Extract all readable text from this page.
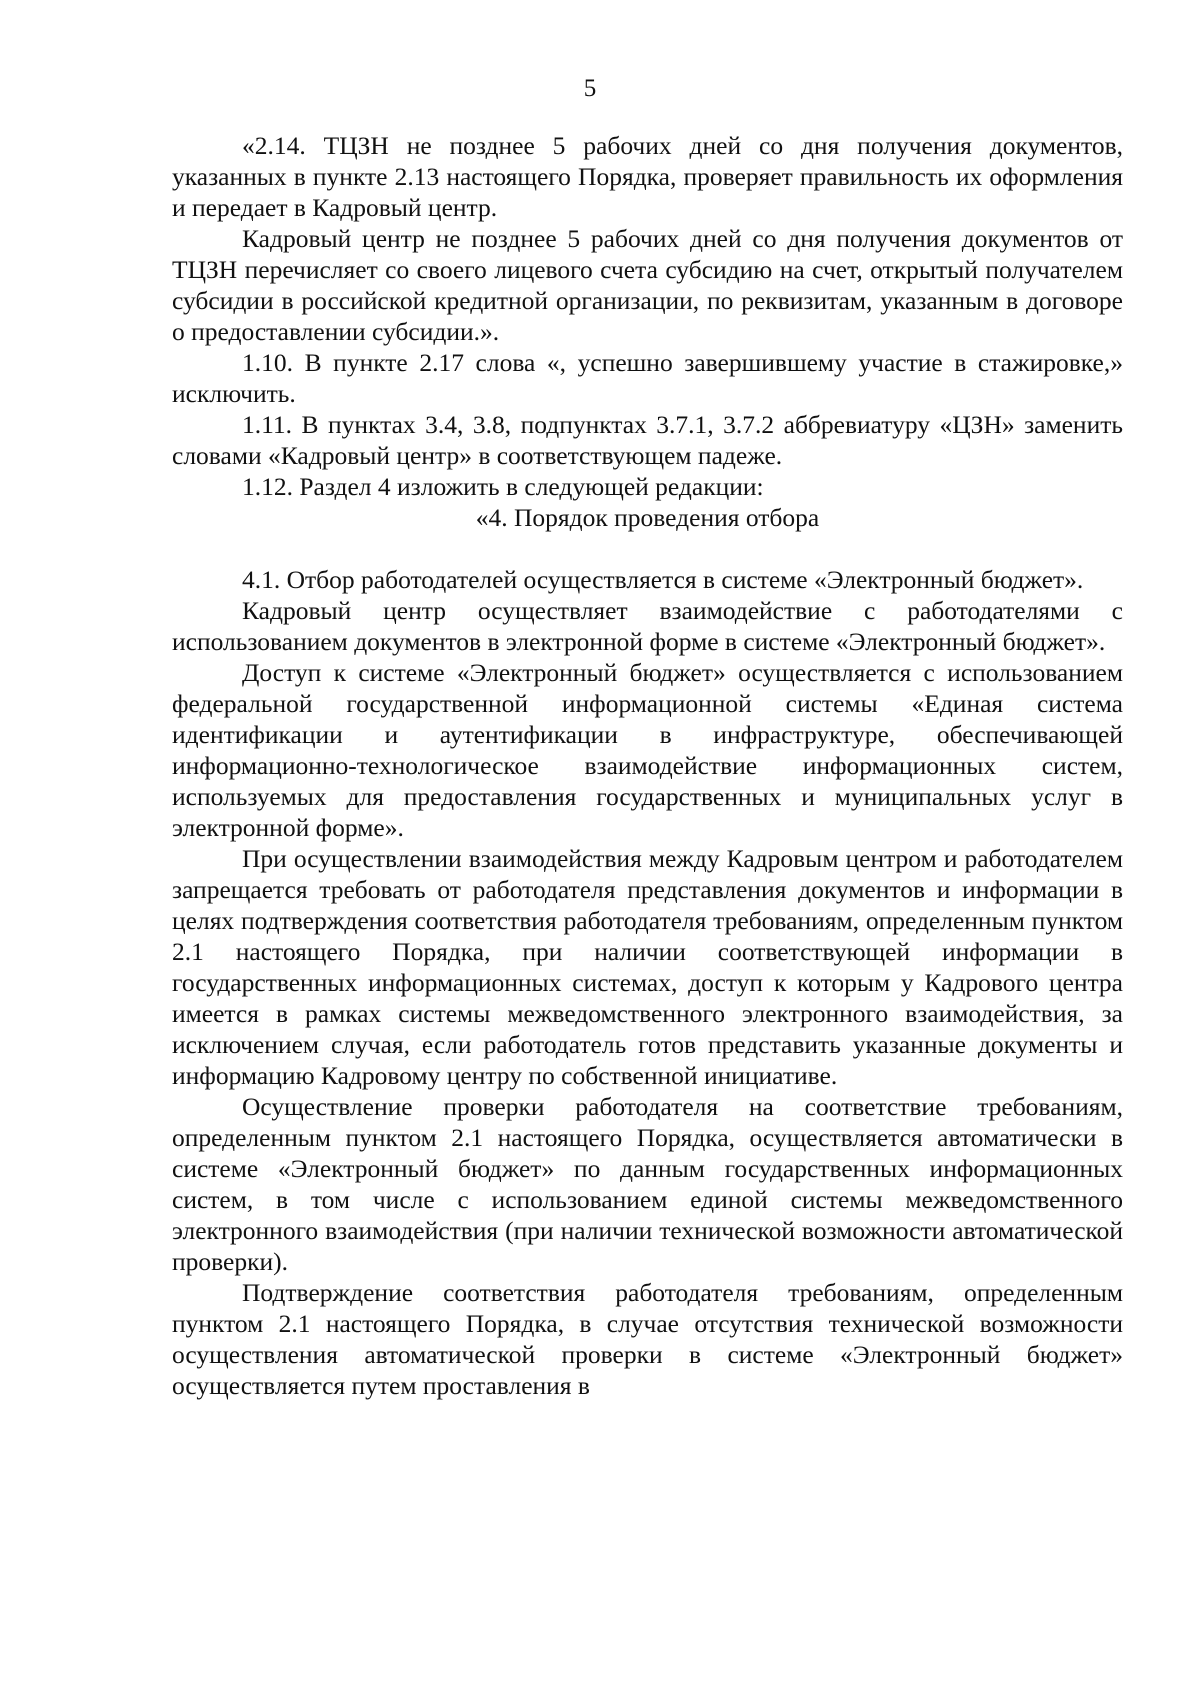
5

«2.14. ТЦЗН не позднее 5 рабочих дней со дня получения документов, указанных в пункте 2.13 настоящего Порядка, проверяет правильность их оформления и передает в Кадровый центр.

Кадровый центр не позднее 5 рабочих дней со дня получения документов от ТЦЗН перечисляет со своего лицевого счета субсидию на счет, открытый получателем субсидии в российской кредитной организации, по реквизитам, указанным в договоре о предоставлении субсидии.».

1.10. В пункте 2.17 слова «, успешно завершившему участие в стажировке,» исключить.

1.11. В пунктах 3.4, 3.8, подпунктах 3.7.1, 3.7.2 аббревиатуру «ЦЗН» заменить словами «Кадровый центр» в соответствующем падеже.

1.12. Раздел 4 изложить в следующей редакции:

«4. Порядок проведения отбора

4.1. Отбор работодателей осуществляется в системе «Электронный бюджет».

Кадровый центр осуществляет взаимодействие с работодателями с использованием документов в электронной форме в системе «Электронный бюджет».

Доступ к системе «Электронный бюджет» осуществляется с использованием федеральной государственной информационной системы «Единая система идентификации и аутентификации в инфраструктуре, обеспечивающей информационно-технологическое взаимодействие информационных систем, используемых для предоставления государственных и муниципальных услуг в электронной форме».

При осуществлении взаимодействия между Кадровым центром и работодателем запрещается требовать от работодателя представления документов и информации в целях подтверждения соответствия работодателя требованиям, определенным пунктом 2.1 настоящего Порядка, при наличии соответствующей информации в государственных информационных системах, доступ к которым у Кадрового центра имеется в рамках системы межведомственного электронного взаимодействия, за исключением случая, если работодатель готов представить указанные документы и информацию Кадровому центру по собственной инициативе.

Осуществление проверки работодателя на соответствие требованиям, определенным пунктом 2.1 настоящего Порядка, осуществляется автоматически в системе «Электронный бюджет» по данным государственных информационных систем, в том числе с использованием единой системы межведомственного электронного взаимодействия (при наличии технической возможности автоматической проверки).

Подтверждение соответствия работодателя требованиям, определенным пунктом 2.1 настоящего Порядка, в случае отсутствия технической возможности осуществления автоматической проверки в системе «Электронный бюджет» осуществляется путем проставления в
